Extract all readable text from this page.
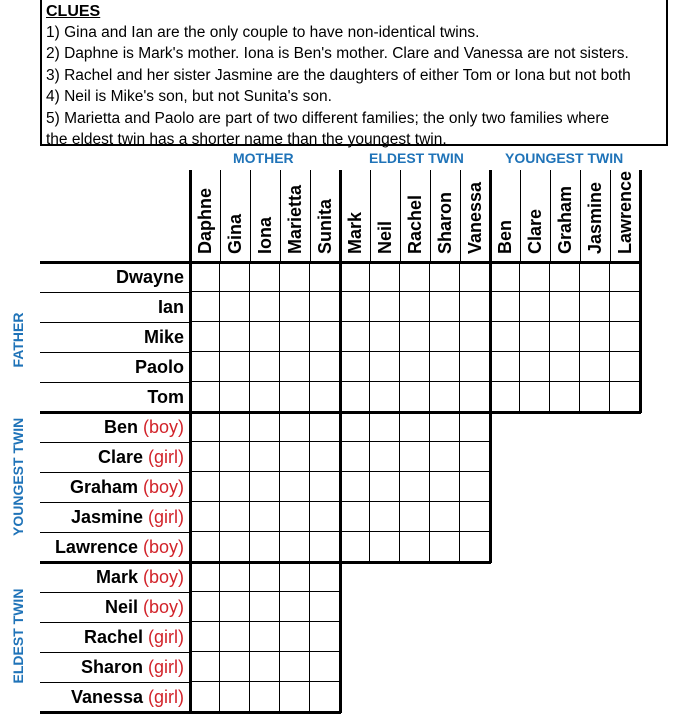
CLUES
1) Gina and Ian are the only couple to have non-identical twins.
2) Daphne is Mark's mother. Iona is Ben's mother. Clare and Vanessa are not sisters.
3) Rachel and her sister Jasmine are the daughters of either Tom or Iona but not both
4) Neil is Mike's son, but not Sunita's son.
5) Marietta and Paolo are part of two different families; the only two families where
the eldest twin has a shorter name than the youngest twin.
MOTHER	ELDEST TWIN	YOUNGEST TWIN
FATHER
YOUNGEST TWIN
ELDEST TWIN
Daphne Gina Iona Marietta Sunita Mark Neil Rachel Sharon Vanessa Ben Clare Graham Jasmine Lawrence
Dwayne
Ian
Mike
Paolo
Tom
Ben (boy)
Clare (girl)
Graham (boy)
Jasmine (girl)
Lawrence (boy)
Mark (boy)
Neil (boy)
Rachel (girl)
Sharon (girl)
Vanessa (girl)
